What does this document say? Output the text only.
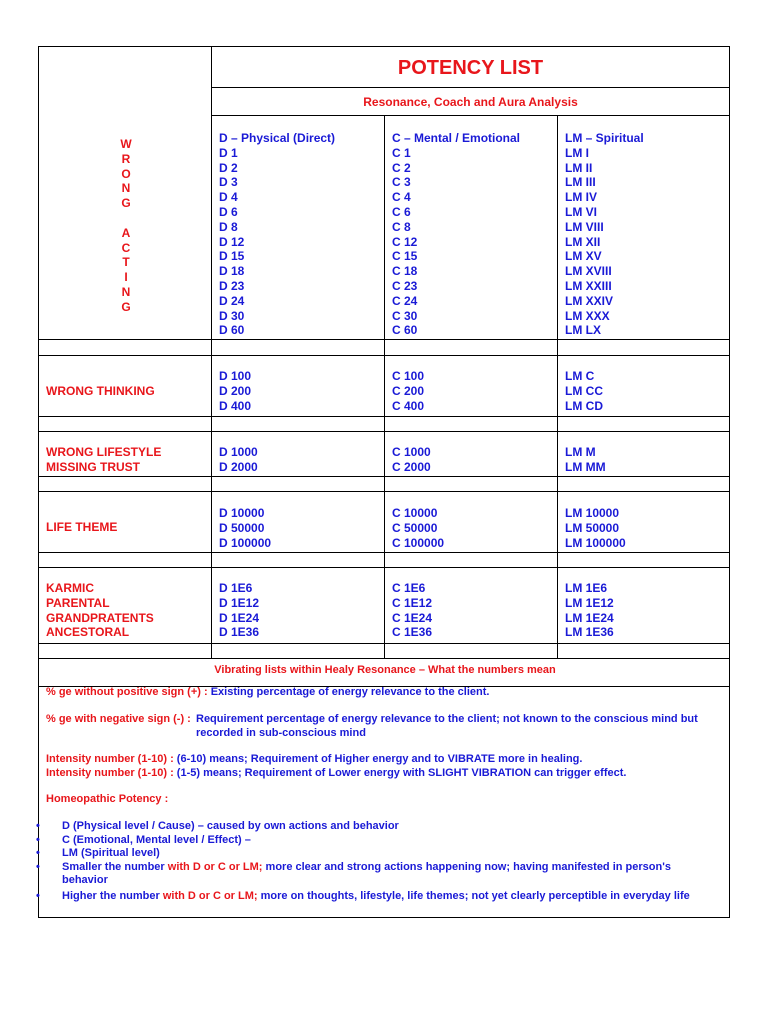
POTENCY LIST
Resonance, Coach and Aura Analysis
D – Physical (Direct)	C – Mental / Emotional	LM – Spiritual
W
R
O
N
G

A
C
T
I
N
G
D 1
D 2
D 3
D 4
D 6
D 8
D 12
D 15
D 18
D 23
D 24
D 30
D 60
C 1
C 2
C 3
C 4
C 6
C 8
C 12
C 15
C 18
C 23
C 24
C 30
C 60
LM I
LM II
LM III
LM IV
LM VI
LM VIII
LM XII
LM XV
LM XVIII
LM XXIII
LM XXIV
LM XXX
LM LX
WRONG THINKING
D 100
D 200
D 400
C 100
C 200
C 400
LM C
LM CC
LM CD
WRONG LIFESTYLE
MISSING TRUST
D 1000
D 2000
C 1000
C 2000
LM M
LM MM
LIFE THEME
D 10000
D 50000
D 100000
C 10000
C 50000
C 100000
LM 10000
LM 50000
LM 100000
KARMIC
PARENTAL
GRANDPRATENTS
ANCESTORAL
D 1E6
D 1E12
D 1E24
D 1E36
C 1E6
C 1E12
C 1E24
C 1E36
LM 1E6
LM 1E12
LM 1E24
LM 1E36
Vibrating lists within Healy Resonance – What the numbers mean
% ge without positive sign (+) : Existing percentage of energy relevance to the client.
% ge with negative sign (-) : Requirement percentage of energy relevance to the client; not known to the conscious mind but
recorded in sub-conscious mind
Intensity number (1-10) : (6-10) means; Requirement of Higher energy and to VIBRATE more in healing.
Intensity number (1-10) : (1-5) means; Requirement of Lower energy with SLIGHT VIBRATION can trigger effect.
Homeopathic Potency :
• D (Physical level / Cause) – caused by own actions and behavior
• C (Emotional, Mental level / Effect) –
• LM (Spiritual level)
• Smaller the number with D or C or LM; more clear and strong actions happening now; having manifested in person's
behavior
• Higher the number with D or C or LM; more on thoughts, lifestyle, life themes; not yet clearly perceptible in everyday life
